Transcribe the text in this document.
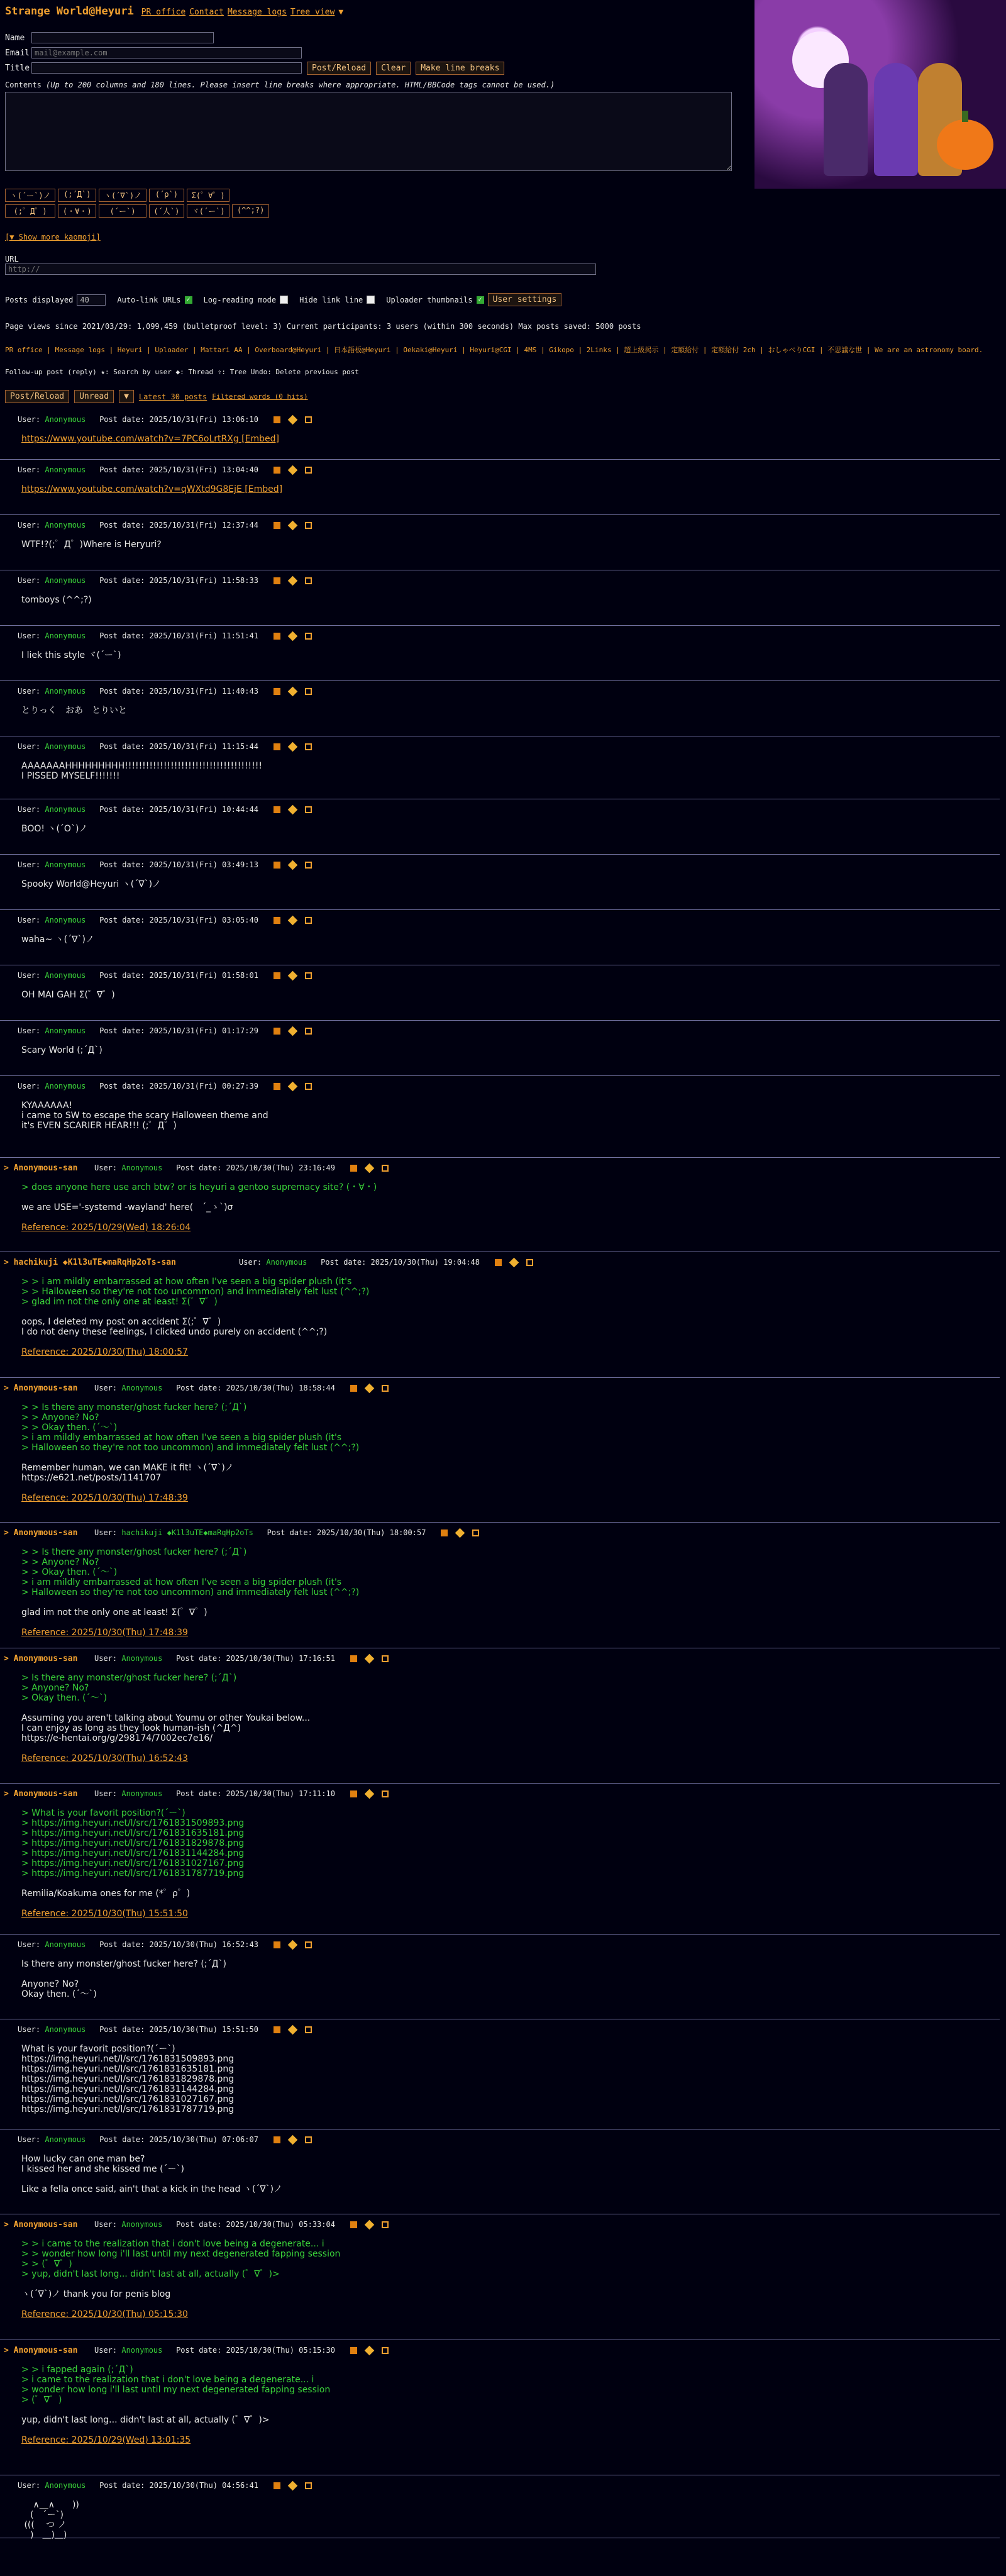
Strange World@Heyuri PR office Contact Message logs Tree view ▼
Name
Email
mail@example.com
Title	Post/Reload	Clear	Make line breaks
Contents (Up to 200 columns and 180 lines. Please insert line breaks where appropriate. HTML/BBCode tags cannot be used.)
ヽ(´ー`)ノ	(;´Д`)	ヽ(´∇`)ノ	(´ρ`)	Σ(゜∀゜)
(;゜Д゜)	(・∀・)	(´ー`)	(´人`)	ヾ(´ー`)	(^^;?)
[▼ Show more kaomoji]
URL
http://
Posts displayed
40	Auto-link URLs ✓ Log-reading mode	Hide link line	Uploader thumbnails ✓	User settings
Page views since 2021/03/29: 1,099,459 (bulletproof level: 3) Current participants: 3 users (within 300 seconds) Max posts saved: 5000 posts
PR office | Message logs | Heyuri | Uploader | Mattari AA | Overboard@Heyuri | 日本語板@Heyuri | Oekaki@Heyuri | Heyuri@CGI | 4MS | Gikopo | 2Links | 超上級掲示 | 定額給付 | 定額給付 2ch | おしゃべりCGI | 不思議な世 | We are an astronomy board.
Follow-up post (reply) ★: Search by user ◆: Thread ⇧: Tree Undo: Delete previous post
Post/Reload	Unread	▼	Latest 30 posts Filtered words (0 hits)
User: Anonymous Post date: 2025/10/31(Fri) 13:06:10
https://www.youtube.com/watch?v=7PC6oLrtRXg [Embed]
User: Anonymous Post date: 2025/10/31(Fri) 13:04:40
https://www.youtube.com/watch?v=qWXtd9G8EjE [Embed]
User: Anonymous Post date: 2025/10/31(Fri) 12:37:44
WTF!?(;゜Д゜)Where is Heryuri?
User: Anonymous Post date: 2025/10/31(Fri) 11:58:33
tomboys (^^;?)
User: Anonymous Post date: 2025/10/31(Fri) 11:51:41
I liek this style ヾ(´ー`)
User: Anonymous Post date: 2025/10/31(Fri) 11:40:43
とりっく　おあ　とりいと
User: Anonymous Post date: 2025/10/31(Fri) 11:15:44
AAAAAAAHHHHHHHHH!!!!!!!!!!!!!!!!!!!!!!!!!!!!!!!!!!!!!!!
I PISSED MYSELF!!!!!!!
User: Anonymous Post date: 2025/10/31(Fri) 10:44:44
BOO! ヽ(´O`)ノ
User: Anonymous Post date: 2025/10/31(Fri) 03:49:13
Spooky World@Heyuri ヽ(´∇`)ノ
User: Anonymous Post date: 2025/10/31(Fri) 03:05:40
waha~ ヽ(´∇`)ノ
User: Anonymous Post date: 2025/10/31(Fri) 01:58:01
OH MAI GAH Σ(゜∇゜)
User: Anonymous Post date: 2025/10/31(Fri) 01:17:29
Scary World (;´Д`)
User: Anonymous Post date: 2025/10/31(Fri) 00:27:39
KYAAAAAA!
i came to SW to escape the scary Halloween theme and
it's EVEN SCARIER HEAR!!! (;゜Д゜)
> Anonymous-san User: Anonymous Post date: 2025/10/30(Thu) 23:16:49
> does anyone here use arch btw? or is heyuri a gentoo supremacy site? (・∀・)

we are USE='-systemd -wayland' here(　´_ゝ`)σ

Reference: 2025/10/29(Wed) 18:26:04
> hachikuji ◆K1l3uTE◆maRqHp2oTs-san	User: Anonymous Post date: 2025/10/30(Thu) 19:04:48
> > i am mildly embarrassed at how often I've seen a big spider plush (it's
> > Halloween so they're not too uncommon) and immediately felt lust (^^;?)
> glad im not the only one at least! Σ(゜∇゜)

oops, I deleted my post on accident Σ(;゜∇゜)
I do not deny these feelings, I clicked undo purely on accident (^^;?)

Reference: 2025/10/30(Thu) 18:00:57
> Anonymous-san User: Anonymous Post date: 2025/10/30(Thu) 18:58:44
> > Is there any monster/ghost fucker here? (;´Д`)
> > Anyone? No?
> > Okay then. (´～`)
> i am mildly embarrassed at how often I've seen a big spider plush (it's
> Halloween so they're not too uncommon) and immediately felt lust (^^;?)

Remember human, we can MAKE it fit! ヽ(´∇`)ノ
https://e621.net/posts/1141707

Reference: 2025/10/30(Thu) 17:48:39
> Anonymous-san User: hachikuji ◆K1l3uTE◆maRqHp2oTs Post date: 2025/10/30(Thu) 18:00:57
> > Is there any monster/ghost fucker here? (;´Д`)
> > Anyone? No?
> > Okay then. (´～`)
> i am mildly embarrassed at how often I've seen a big spider plush (it's
> Halloween so they're not too uncommon) and immediately felt lust (^^;?)

glad im not the only one at least! Σ(゜∇゜)

Reference: 2025/10/30(Thu) 17:48:39
> Anonymous-san User: Anonymous Post date: 2025/10/30(Thu) 17:16:51
> Is there any monster/ghost fucker here? (;´Д`)
> Anyone? No?
> Okay then. (´～`)

Assuming you aren't talking about Youmu or other Youkai below...
I can enjoy as long as they look human-ish (^Д^)
https://e-hentai.org/g/298174/7002ec7e16/

Reference: 2025/10/30(Thu) 16:52:43
> Anonymous-san User: Anonymous Post date: 2025/10/30(Thu) 17:11:10
> What is your favorit position?(´ー`)
> https://img.heyuri.net/l/src/1761831509893.png
> https://img.heyuri.net/l/src/1761831635181.png
> https://img.heyuri.net/l/src/1761831829878.png
> https://img.heyuri.net/l/src/1761831144284.png
> https://img.heyuri.net/l/src/1761831027167.png
> https://img.heyuri.net/l/src/1761831787719.png

Remilia/Koakuma ones for me (*゜ρ゜)

Reference: 2025/10/30(Thu) 15:51:50
User: Anonymous Post date: 2025/10/30(Thu) 16:52:43
Is there any monster/ghost fucker here? (;´Д`)

Anyone? No?
Okay then. (´～`)
User: Anonymous Post date: 2025/10/30(Thu) 15:51:50
What is your favorit position?(´ー`)
https://img.heyuri.net/l/src/1761831509893.png
https://img.heyuri.net/l/src/1761831635181.png
https://img.heyuri.net/l/src/1761831829878.png
https://img.heyuri.net/l/src/1761831144284.png
https://img.heyuri.net/l/src/1761831027167.png
https://img.heyuri.net/l/src/1761831787719.png
User: Anonymous Post date: 2025/10/30(Thu) 07:06:07
How lucky can one man be?
I kissed her and she kissed me (´ー`)

Like a fella once said, ain't that a kick in the head ヽ(´∇`)ノ
> Anonymous-san User: Anonymous Post date: 2025/10/30(Thu) 05:33:04
> > i came to the realization that i don't love being a degenerate... i
> > wonder how long i'll last until my next degenerated fapping session
> > (゜∇゜)
> yup, didn't last long... didn't last at all, actually (゜∇゜)>

ヽ(´∇`)ノ thank you for penis blog

Reference: 2025/10/30(Thu) 05:15:30
> Anonymous-san User: Anonymous Post date: 2025/10/30(Thu) 05:15:30
> > i fapped again (;´Д`)
> i came to the realization that i don't love being a degenerate... i
> wonder how long i'll last until my next degenerated fapping session
> (゜∇゜)

yup, didn't last long... didn't last at all, actually (゜∇゜)>

Reference: 2025/10/29(Wed) 13:01:35
User: Anonymous Post date: 2025/10/30(Thu) 04:56:41
　 ∧＿∧　　))
　(　´ー`)
((( 　つ ノ
　)　＿)＿)
